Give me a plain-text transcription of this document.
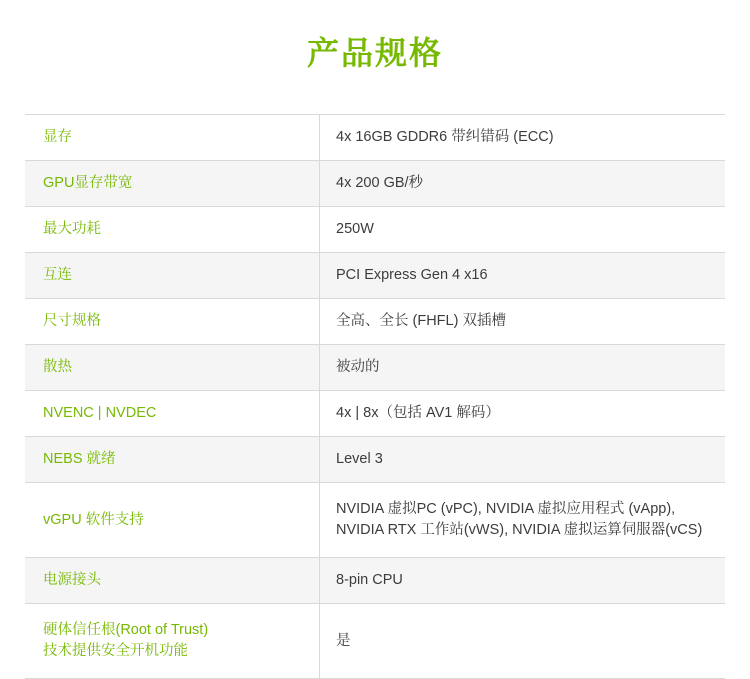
产品规格
显存	4x 16GB GDDR6 带纠错码 (ECC)
GPU显存带宽	4x 200 GB/秒
最大功耗	250W
互连	PCI Express Gen 4 x16
尺寸规格	全高、全长 (FHFL) 双插槽
散热	被动的
NVENC | NVDEC	4x | 8x（包括 AV1 解码）
NEBS 就绪	Level 3
vGPU 软件支持	NVIDIA 虚拟PC (vPC), NVIDIA 虚拟应用程式 (vApp), NVIDIA RTX 工作站(vWS), NVIDIA 虚拟运算伺服器(vCS)
电源接头	8-pin CPU

硬体信任根(Root of Trust)
技术提供安全开机功能	是
